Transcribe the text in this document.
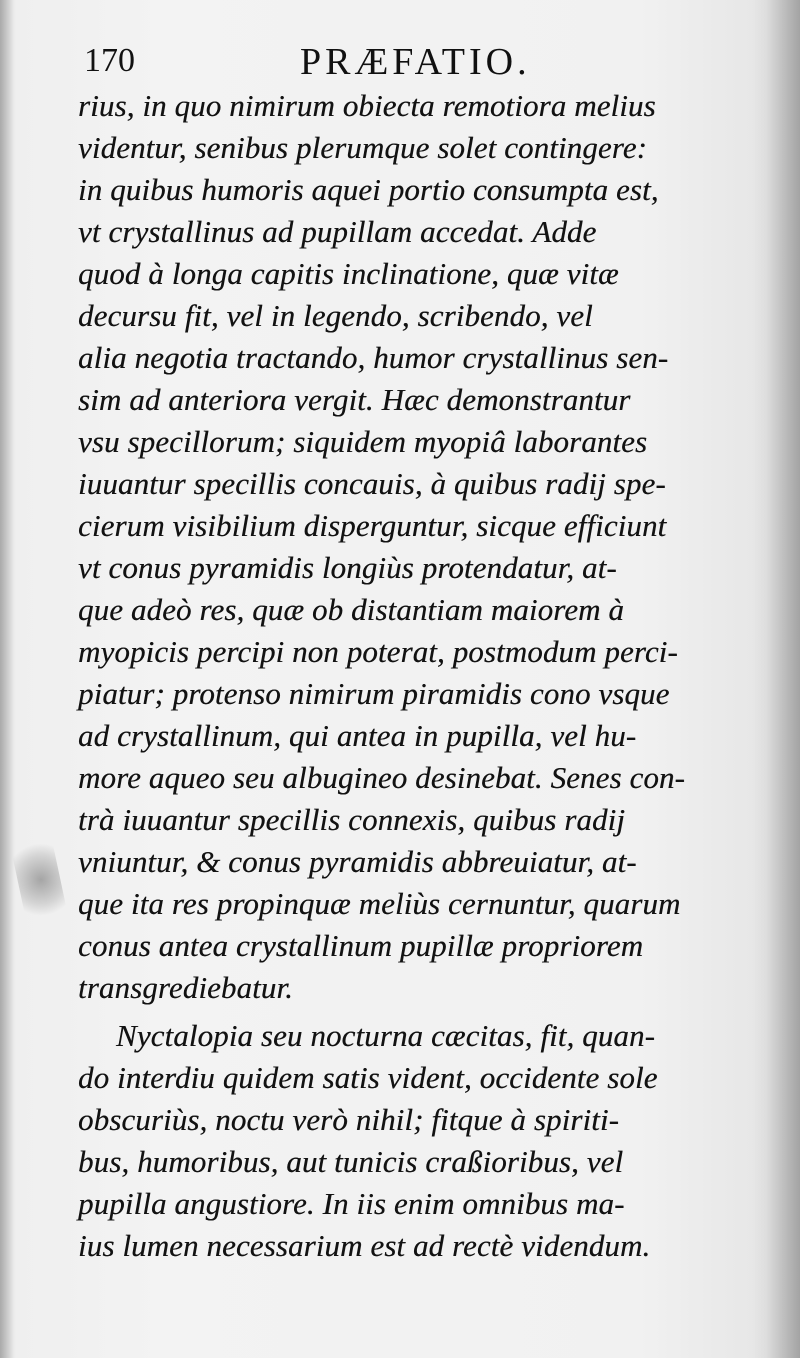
170	PRÆFATIO.
rius, in quo nimirum obiecta remotiora melius
videntur, senibus plerumque solet contingere:
in quibus humoris aquei portio consumpta est,
vt crystallinus ad pupillam accedat. Adde
quod à longa capitis inclinatione, quæ vitæ
decursu fit, vel in legendo, scribendo, vel
alia negotia tractando, humor crystallinus sen-
sim ad anteriora vergit. Hæc demonstrantur
vsu specillorum; siquidem myopiâ laborantes
iuuantur specillis concauis, à quibus radij spe-
cierum visibilium disperguntur, sicque efficiunt
vt conus pyramidis longiùs protendatur, at-
que adeò res, quæ ob distantiam maiorem à
myopicis percipi non poterat, postmodum perci-
piatur; protenso nimirum piramidis cono vsque
ad crystallinum, qui antea in pupilla, vel hu-
more aqueo seu albugineo desinebat. Senes con-
trà iuuantur specillis connexis, quibus radij
vniuntur, & conus pyramidis abbreuiatur, at-
que ita res propinquæ meliùs cernuntur, quarum
conus antea crystallinum pupillæ propriorem
transgrediebatur.
Nyctalopia seu nocturna cæcitas, fit, quan-
do interdiu quidem satis vident, occidente sole
obscuriùs, noctu verò nihil; fitque à spiriti-
bus, humoribus, aut tunicis craßioribus, vel
pupilla angustiore. In iis enim omnibus ma-
ius lumen necessarium est ad rectè videndum.
